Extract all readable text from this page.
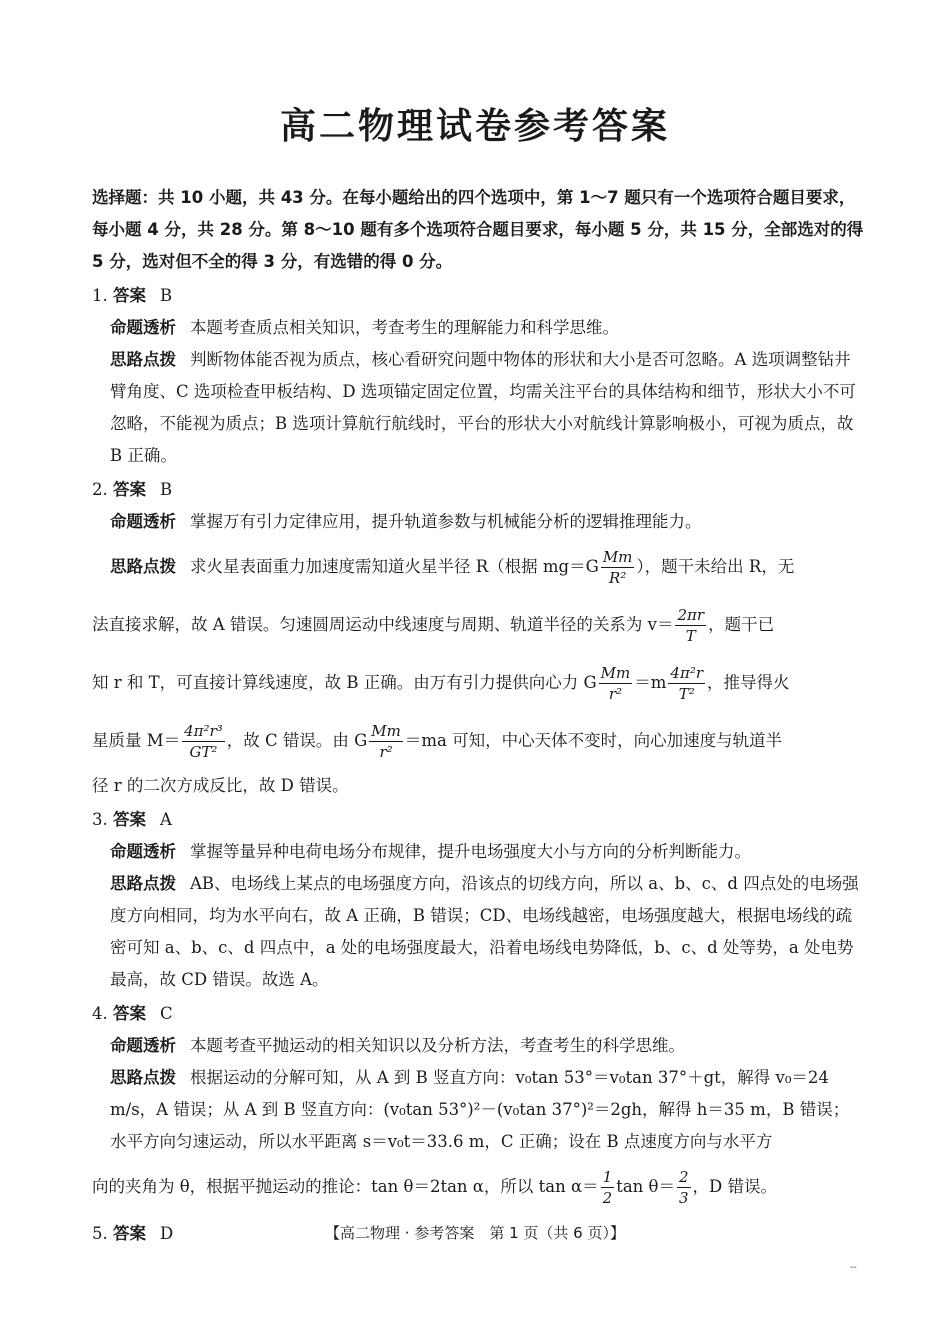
高二物理试卷参考答案
选择题：共 10 小题，共 43 分。在每小题给出的四个选项中，第 1～7 题只有一个选项符合题目要求，每小题 4 分，共 28 分。第 8～10 题有多个选项符合题目要求，每小题 5 分，共 15 分，全部选对的得 5 分，选对但不全的得 3 分，有选错的得 0 分。
1. 答案 B
命题透析 本题考查质点相关知识，考查考生的理解能力和科学思维。
思路点拨 判断物体能否视为质点，核心看研究问题中物体的形状和大小是否可忽略。A 选项调整钻井臂角度、C 选项检查甲板结构、D 选项锚定固定位置，均需关注平台的具体结构和细节，形状大小不可忽略，不能视为质点；B 选项计算航行航线时，平台的形状大小对航线计算影响极小，可视为质点，故 B 正确。
2. 答案 B
命题透析 掌握万有引力定律应用，提升轨道参数与机械能分析的逻辑推理能力。
思路点拨 求火星表面重力加速度需知道火星半径 R（根据 $mg=G \frac{Mm}{\text{R²}}$ ），题干未给出 R，无
法直接求解，故 A 错误。匀速圆周运动中线速度与周期、轨道半径的关系为 $v= \frac{2\pi r}{T}$ ，题干已
知 r 和 T，可直接计算线速度，故 B 正确。由万有引力提供向心力 G $\frac{Mm}{\text{r²}} =m \frac{\text{4π²r}}{\text{T²}}$ ，推导得火
星质量 $M= \frac{\text{4π²r³}}{\text{GT²}}$ ，故 C 错误。由 G $\frac{Mm}{\text{r²}} =ma$ 可知，中心天体不变时，向心加速度与轨道半
径 r 的二次方成反比，故 D 错误。
3. 答案 A
命题透析 掌握等量异种电荷电场分布规律，提升电场强度大小与方向的分析判断能力。
思路点拨 AB、电场线上某点的电场强度方向，沿该点的切线方向，所以 a、b、c、d 四点处的电场强度方向相同，均为水平向右，故 A 正确，B 错误；CD、电场线越密，电场强度越大，根据电场线的疏密可知 a、b、c、d 四点中，a 处的电场强度最大，沿着电场线电势降低，b、c、d 处等势，a 处电势最高，故 CD 错误。故选 A。
4. 答案 C
命题透析 本题考查平抛运动的相关知识以及分析方法，考查考生的科学思维。
思路点拨 根据运动的分解可知，从 A 到 B 竖直方向：v₀tan 53°＝v₀tan 37°＋gt，解得 v₀＝24 m/s，A 错误；从 A 到 B 竖直方向：(v₀tan 53°)²－(v₀tan 37°)²＝2gh，解得 h＝35 m，B 错误；水平方向匀速运动，所以水平距离 s＝v₀t＝33.6 m，C 正确；设在 B 点速度方向与水平方
向的夹角为 θ，根据平抛运动的推论：tan θ＝2tan α，所以 $\tan \alpha= \frac{1}{2}$ $\tan \theta= \frac{2}{3}$ ，D 错误。
5. 答案 D	【高二物理 · 参考答案　第 1 页（共 6 页）】
--
